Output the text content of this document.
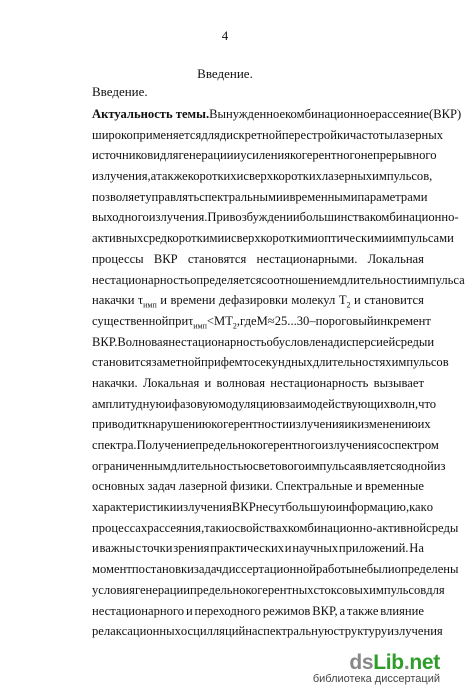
4
Введение.
Введение.
Актуальность темы. Вынужденное комбинационное рассеяние (ВКР)
широко применяется для дискретной перестройки частоты лазерных
источников и для генерации и усиления когерентного непрерывного
излучения, а также коротких и сверхкоротких лазерных импульсов,
позволяет управлять спектральными и временными параметрами
выходного излучения. При возбуждении большинства комбинационно-
активных сред короткими и сверхкороткими оптическими импульсами
процессы ВКР становятся нестационарными. Локальная
нестационарность определяется соотношением длительности импульса
накачки $\tau_{имп}$ и времени дефазировки молекул $T_2$ и становится
существенной при $\tau_{имп}<M$ $T_2$, где M≈25...30 – пороговый инкремент
ВКР. Волновая нестационарность обусловлена дисперсией среды и
становится заметной при фемтосекундных длительностях импульсов
накачки. Локальная и волновая нестационарность вызывает
амплитудную и фазовую модуляцию взаимодействующих волн, что
приводит к нарушению когерентности излучения и к изменению их
спектра. Получение предельно когерентного излучения со спектром
ограниченным длительностью светового импульса является одной из
основных задач лазерной физики. Спектральные и временные
характеристики излучения ВКР несут большую информацию, как о
процессах рассеяния, так и о свойствах комбинационно-активной среды
и важны с точки зрения практических и научных приложений. На
момент постановки задач диссертационной работы не были определены
условия генерации предельно когерентных стоксовых импульсов для
нестационарного и переходного режимов ВКР, а также влияние
релаксационных осцилляций на спектральную структуру излучения
dsLib.net
библиотека диссертаций
